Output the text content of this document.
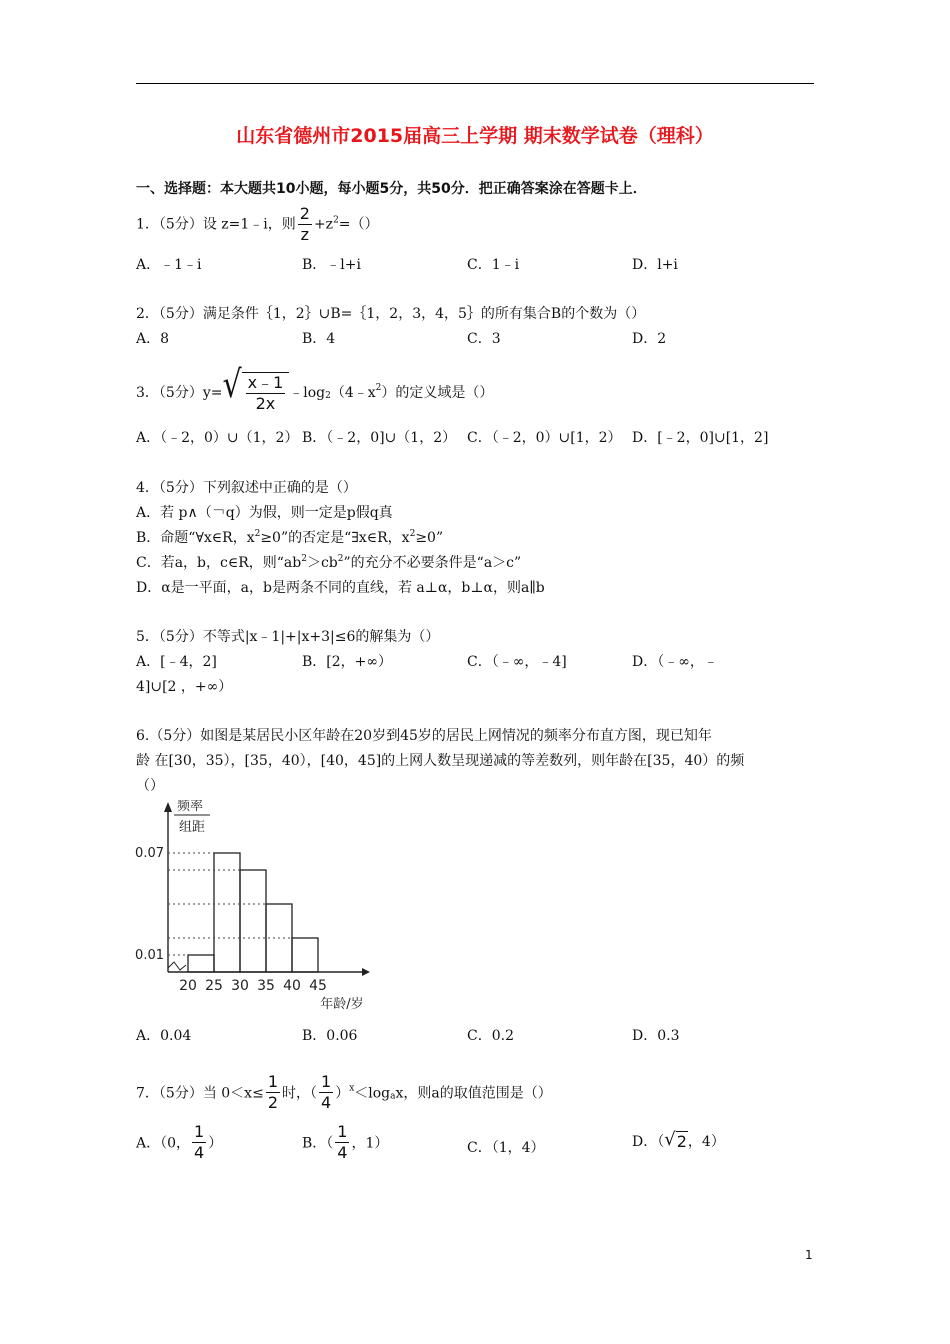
山东省德州市2015届高三上学期 期末数学试卷（理科）
一、选择题：本大题共10小题，每小题5分，共50分．把正确答案涂在答题卡上．
1．（5分）设 z=1﹣i，则 $\frac{2}{z} +z^2=()$
A．﹣1﹣i	B．﹣l+i	C．1﹣i	D．l+i
2．（5分）满足条件｛1，2｝∪B=｛1，2，3，4，5｝的所有集合B的个数为（）
A．8	B．4	C．3	D．2
3．（5分）y= √ $\frac{x﹣1}{2x}$ $﹣\log_2(4﹣x^2)$的定义域是（）
A．（﹣2，0）∪（1，2） B．（﹣2，0]∪（1，2） C．（﹣2，0）∪[1，2） D．[﹣2，0]∪[1，2]
4．（5分）下列叙述中正确的是（）
A．若 p∧（￢q）为假，则一定是p假q真
B．命题“∀x∈R，$x^2\ge 0$”的否定是“∃x∈R，$x^2\ge 0$”
C．若a，b，c∈R，则“$ab^2>cb^2$”的充分不必要条件是“a＞c”
D．α是一平面，a，b是两条不同的直线，若 a⊥α，b⊥α，则a∥b
5．（5分）不等式|x﹣1|+|x+3|≤6的解集为（）
A．[﹣4，2]	B．[2，+∞）	C．（﹣∞，﹣4]	D．（﹣∞，﹣
4]∪[2 ，+∞）
6.（5分）如图是某居民小区年龄在20岁到45岁的居民上网情况的频率分布直方图，现已知年
龄 在[30，35），[35，40），[40，45]的上网人数呈现递减的等差数列，则年龄在[35，40）的频
（）
0.07
0.01
20 25 30 35 40 45
频率
组距
年龄/岁
A．0.04	B．0.06	C．0.2	D．0.3
7．（5分）当 $0<x\le \frac{1}{2}$ 时，（ $\frac{1}{4} )^x<\log_ax$，则a的取值范围是（）
A．（0， $\frac{1}{4}$ ）	B．（ $\frac{1}{4}$ ，1）	C．（1，4）	D．（ √ 2 ，4）
1
